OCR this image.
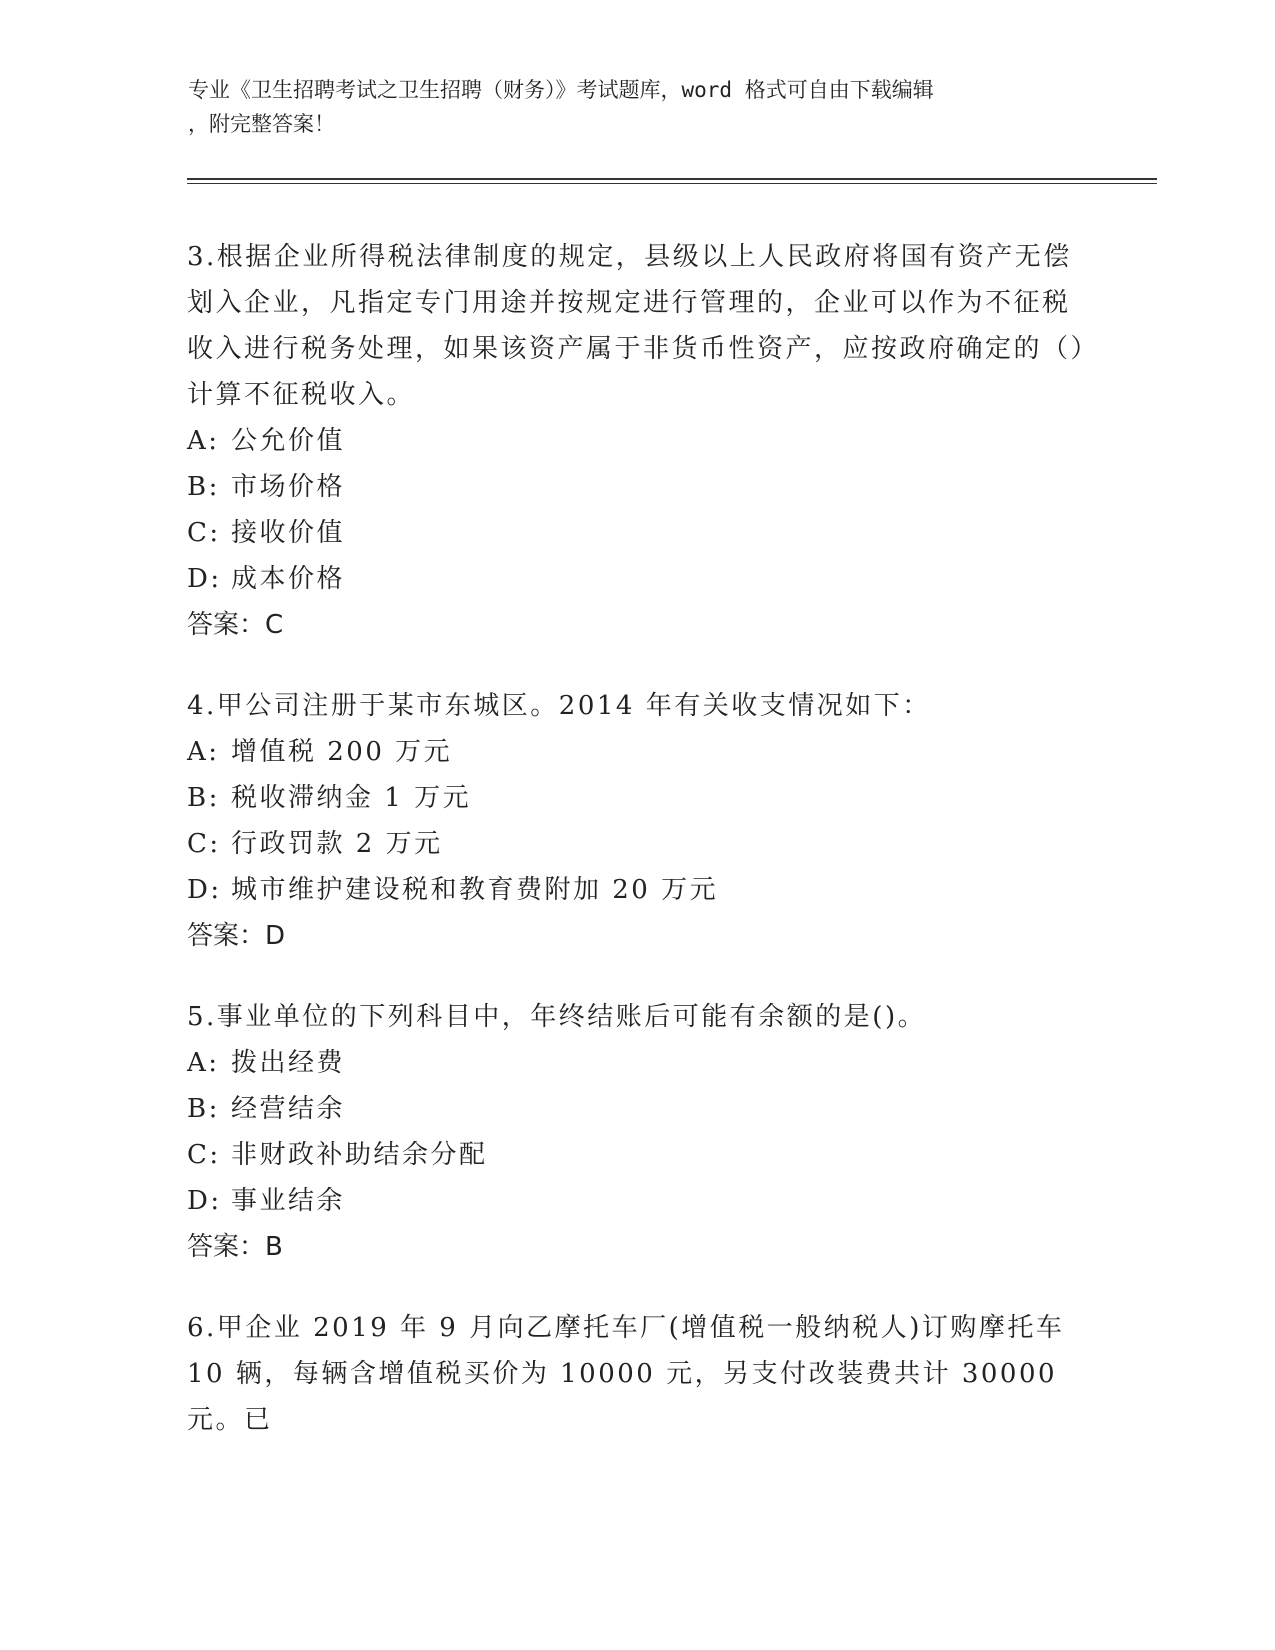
专业《卫生招聘考试之卫生招聘（财务）》考试题库，word 格式可自由下载编辑
，附完整答案！

3.根据企业所得税法律制度的规定，县级以上人民政府将国有资产无偿划入企业，凡指定专门用途并按规定进行管理的，企业可以作为不征税收入进行税务处理，如果该资产属于非货币性资产，应按政府确定的（）计算不征税收入。

A: 公允价值

B: 市场价格

C: 接收价值

D: 成本价格

答案：C

4.甲公司注册于某市东城区。2014 年有关收支情况如下：

A: 增值税 200 万元

B: 税收滞纳金 1 万元

C: 行政罚款 2 万元

D: 城市维护建设税和教育费附加 20 万元

答案：D

5.事业单位的下列科目中，年终结账后可能有余额的是()。

A: 拨出经费

B: 经营结余

C: 非财政补助结余分配

D: 事业结余

答案：B

6.甲企业 2019 年 9 月向乙摩托车厂(增值税一般纳税人)订购摩托车 10 辆，每辆含增值税买价为 10000 元，另支付改装费共计 30000 元。已
